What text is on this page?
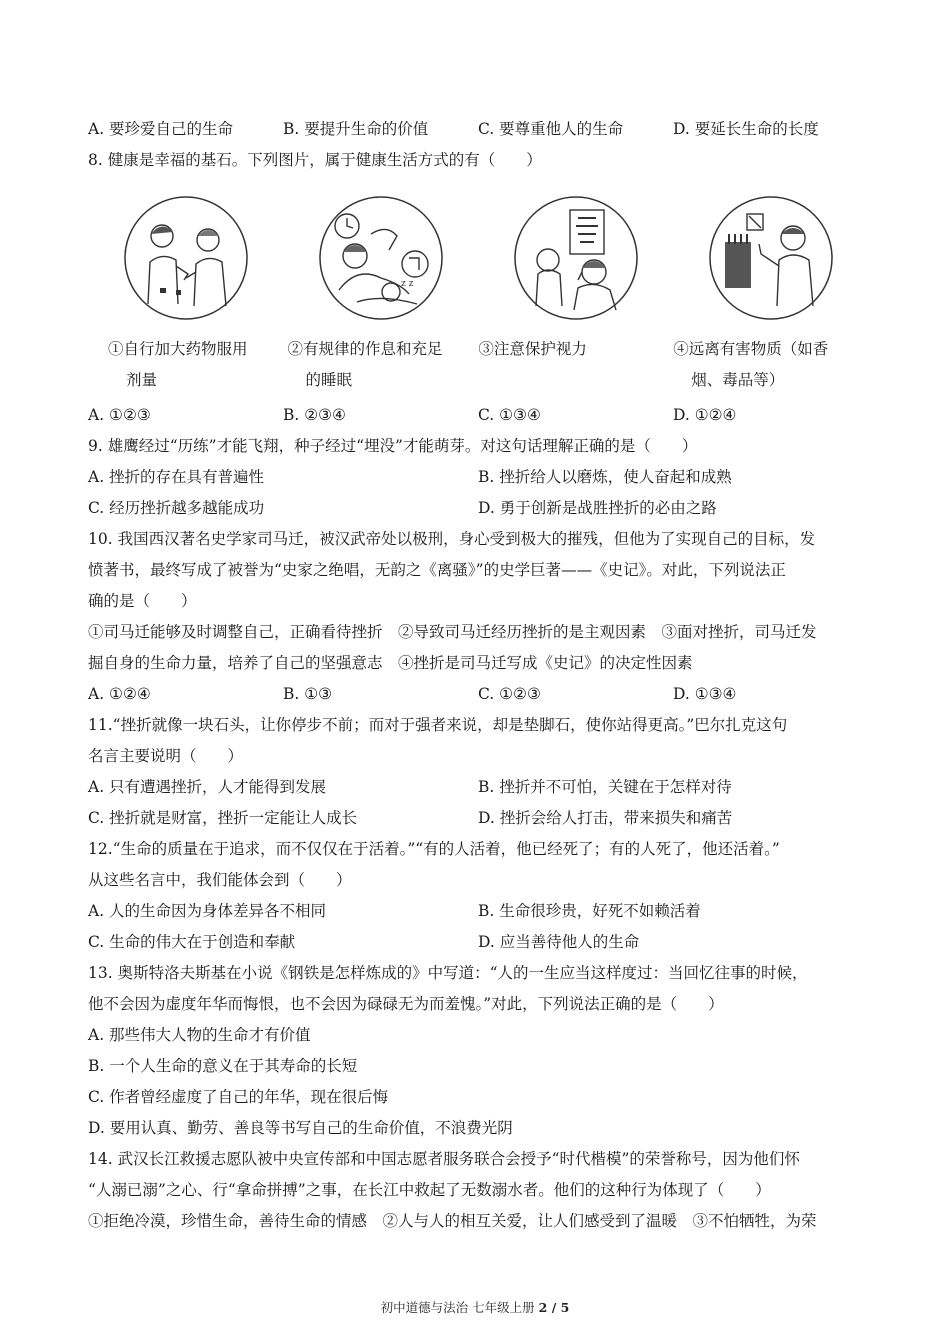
A. 要珍爱自己的生命	B. 要提升生命的价值	C. 要尊重他人的生命	D. 要延长生命的长度
8. 健康是幸福的基石。下列图片，属于健康生活方式的有（　　）
z z
①自行加大药物服用
剂量
②有规律的作息和充足
的睡眠
③注意保护视力	④远离有害物质（如香
烟、毒品等）
A. ①②③	B. ②③④	C. ①③④	D. ①②④
9. 雄鹰经过“历练”才能飞翔，种子经过“埋没”才能萌芽。对这句话理解正确的是（　　）
A. 挫折的存在具有普遍性	B. 挫折给人以磨炼，使人奋起和成熟
C. 经历挫折越多越能成功	D. 勇于创新是战胜挫折的必由之路
10. 我国西汉著名史学家司马迁，被汉武帝处以极刑，身心受到极大的摧残，但他为了实现自己的目标，发
愤著书，最终写成了被誉为“史家之绝唱，无韵之《离骚》”的史学巨著——《史记》。对此，下列说法正
确的是（　　）
①司马迁能够及时调整自己，正确看待挫折　②导致司马迁经历挫折的是主观因素　③面对挫折，司马迁发
掘自身的生命力量，培养了自己的坚强意志　④挫折是司马迁写成《史记》的决定性因素
A. ①②④	B. ①③	C. ①②③	D. ①③④
11.“挫折就像一块石头，让你停步不前；而对于强者来说，却是垫脚石，使你站得更高。”巴尔扎克这句
名言主要说明（　　）
A. 只有遭遇挫折，人才能得到发展	B. 挫折并不可怕，关键在于怎样对待
C. 挫折就是财富，挫折一定能让人成长	D. 挫折会给人打击，带来损失和痛苦
12.“生命的质量在于追求，而不仅仅在于活着。”“有的人活着，他已经死了；有的人死了，他还活着。”
从这些名言中，我们能体会到（　　）
A. 人的生命因为身体差异各不相同	B. 生命很珍贵，好死不如赖活着
C. 生命的伟大在于创造和奉献	D. 应当善待他人的生命
13. 奥斯特洛夫斯基在小说《钢铁是怎样炼成的》中写道：“人的一生应当这样度过：当回忆往事的时候，
他不会因为虚度年华而悔恨，也不会因为碌碌无为而羞愧。”对此，下列说法正确的是（　　）
A. 那些伟大人物的生命才有价值
B. 一个人生命的意义在于其寿命的长短
C. 作者曾经虚度了自己的年华，现在很后悔
D. 要用认真、勤劳、善良等书写自己的生命价值，不浪费光阴
14. 武汉长江救援志愿队被中央宣传部和中国志愿者服务联合会授予“时代楷模”的荣誉称号，因为他们怀
“人溺已溺”之心、行“拿命拼搏”之事，在长江中救起了无数溺水者。他们的这种行为体现了（　　）
①拒绝冷漠，珍惜生命，善待生命的情感　②人与人的相互关爱，让人们感受到了温暖　③不怕牺牲，为荣
初中道德与法治 七年级上册 2 / 5
